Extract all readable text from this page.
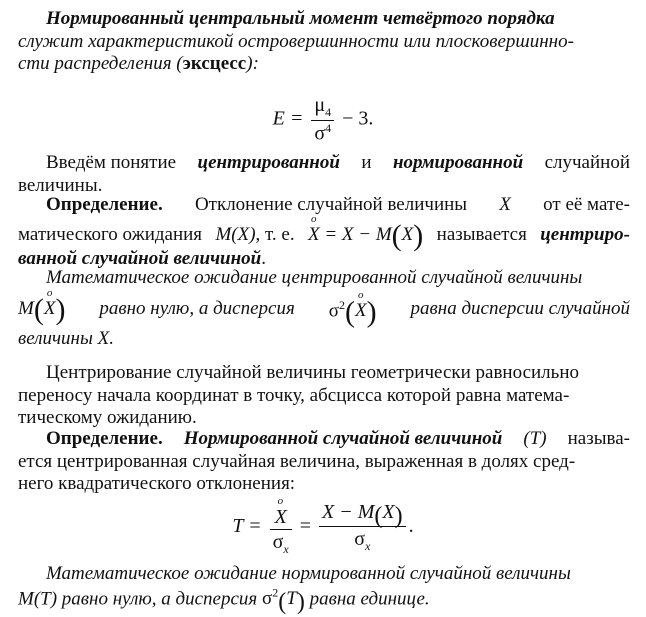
Нормированный центральный момент четвёртого порядка
служит характеристикой островершинности или плосковершинно-
сти распределения (эксцесс):
$E = \frac{\mu_4}{\sigma^4} - 3$.
Введём понятие центрированной и нормированной случайной
величины.
Определение. Отклонение случайной величины X от её мате-
матического ожидания M(X), т. е. o X = X − M(X) называется центриро-
ванной случайной величиной.
Математическое ожидание центрированной случайной величины
M(o X) равно нулю, а дисперсия $\sigma^2(o$ X) равна дисперсии случайной
величины X.
Центрирование случайной величины геометрически равносильно
переносу начала координат в точку, абсцисса которой равна матема-
тическому ожиданию.
Определение. Нормированной случайной величиной (T) называ-
ется центрированная случайная величина, выраженная в долях сред-
него квадратического отклонения:
T = o $\frac{X}{\sigma_x} = \frac{X - M(X)}{\sigma_x}$ .
Математическое ожидание нормированной случайной величины
M(T) равно нулю, а дисперсия $\sigma^2(T)$ равна единице.
